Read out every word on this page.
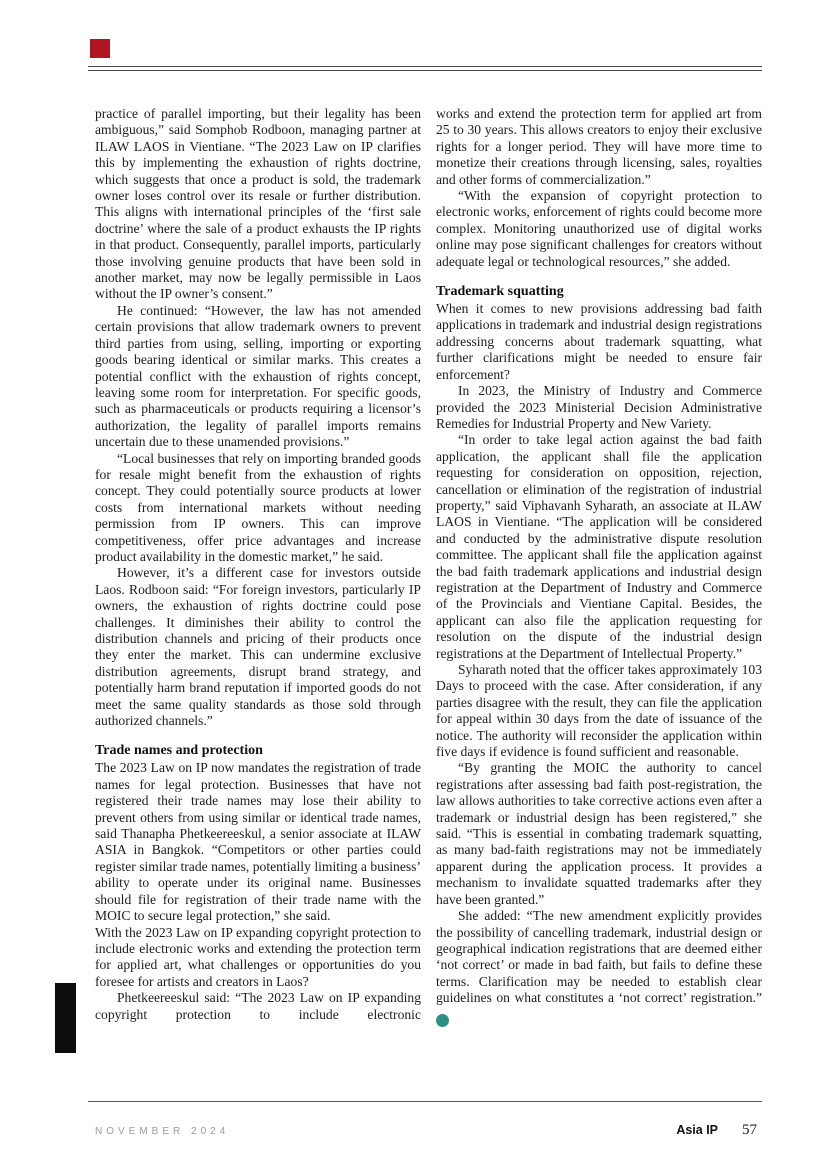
practice of parallel importing, but their legality has been ambiguous,” said Somphob Rodboon, managing partner at ILAW LAOS in Vientiane. “The 2023 Law on IP clarifies this by implementing the exhaustion of rights doctrine, which suggests that once a product is sold, the trademark owner loses control over its resale or further distribution. This aligns with international principles of the ‘first sale doctrine’ where the sale of a product exhausts the IP rights in that product. Consequently, parallel imports, particularly those involving genuine products that have been sold in another market, may now be legally permissible in Laos without the IP owner’s consent.”

He continued: “However, the law has not amended certain provisions that allow trademark owners to prevent third parties from using, selling, importing or exporting goods bearing identical or similar marks. This creates a potential conflict with the exhaustion of rights concept, leaving some room for interpretation. For specific goods, such as pharmaceuticals or products requiring a licensor’s authorization, the legality of parallel imports remains uncertain due to these unamended provisions.”

“Local businesses that rely on importing branded goods for resale might benefit from the exhaustion of rights concept. They could potentially source products at lower costs from international markets without needing permission from IP owners. This can improve competitiveness, offer price advantages and increase product availability in the domestic market,” he said.

However, it’s a different case for investors outside Laos. Rodboon said: “For foreign investors, particularly IP owners, the exhaustion of rights doctrine could pose challenges. It diminishes their ability to control the distribution channels and pricing of their products once they enter the market. This can undermine exclusive distribution agreements, disrupt brand strategy, and potentially harm brand reputation if imported goods do not meet the same quality standards as those sold through authorized channels.”

Trade names and protection

The 2023 Law on IP now mandates the registration of trade names for legal protection. Businesses that have not registered their trade names may lose their ability to prevent others from using similar or identical trade names, said Thanapha Phetkeereeskul, a senior associate at ILAW ASIA in Bangkok. “Competitors or other parties could register similar trade names, potentially limiting a business’ ability to operate under its original name. Businesses should file for registration of their trade name with the MOIC to secure legal protection,” she said.

With the 2023 Law on IP expanding copyright protection to include electronic works and extending the protection term for applied art, what challenges or opportunities do you foresee for artists and creators in Laos?

Phetkeereeskul said: “The 2023 Law on IP expanding copyright protection to include electronic

works and extend the protection term for applied art from 25 to 30 years. This allows creators to enjoy their exclusive rights for a longer period. They will have more time to monetize their creations through licensing, sales, royalties and other forms of commercialization.”

“With the expansion of copyright protection to electronic works, enforcement of rights could become more complex. Monitoring unauthorized use of digital works online may pose significant challenges for creators without adequate legal or technological resources,” she added.

Trademark squatting

When it comes to new provisions addressing bad faith applications in trademark and industrial design registrations addressing concerns about trademark squatting, what further clarifications might be needed to ensure fair enforcement?

In 2023, the Ministry of Industry and Commerce provided the 2023 Ministerial Decision Administrative Remedies for Industrial Property and New Variety.

“In order to take legal action against the bad faith application, the applicant shall file the application requesting for consideration on opposition, rejection, cancellation or elimination of the registration of industrial property,” said Viphavanh Syharath, an associate at ILAW LAOS in Vientiane. “The application will be considered and conducted by the administrative dispute resolution committee. The applicant shall file the application against the bad faith trademark applications and industrial design registration at the Department of Industry and Commerce of the Provincials and Vientiane Capital. Besides, the applicant can also file the application requesting for resolution on the dispute of the industrial design registrations at the Department of Intellectual Property.”

Syharath noted that the officer takes approximately 103 Days to proceed with the case. After consideration, if any parties disagree with the result, they can file the application for appeal within 30 days from the date of issuance of the notice. The authority will reconsider the application within five days if evidence is found sufficient and reasonable.

“By granting the MOIC the authority to cancel registrations after assessing bad faith post-registration, the law allows authorities to take corrective actions even after a trademark or industrial design has been registered,” she said. “This is essential in combating trademark squatting, as many bad-faith registrations may not be immediately apparent during the application process. It provides a mechanism to invalidate squatted trademarks after they have been granted.”

She added: “The new amendment explicitly provides the possibility of cancelling trademark, industrial design or geographical indication registrations that are deemed either ‘not correct’ or made in bad faith, but fails to define these terms. Clarification may be needed to establish clear guidelines on what constitutes a ‘not correct’ registration.” AIP

NOVEMBER 2024	Asia IP 57
